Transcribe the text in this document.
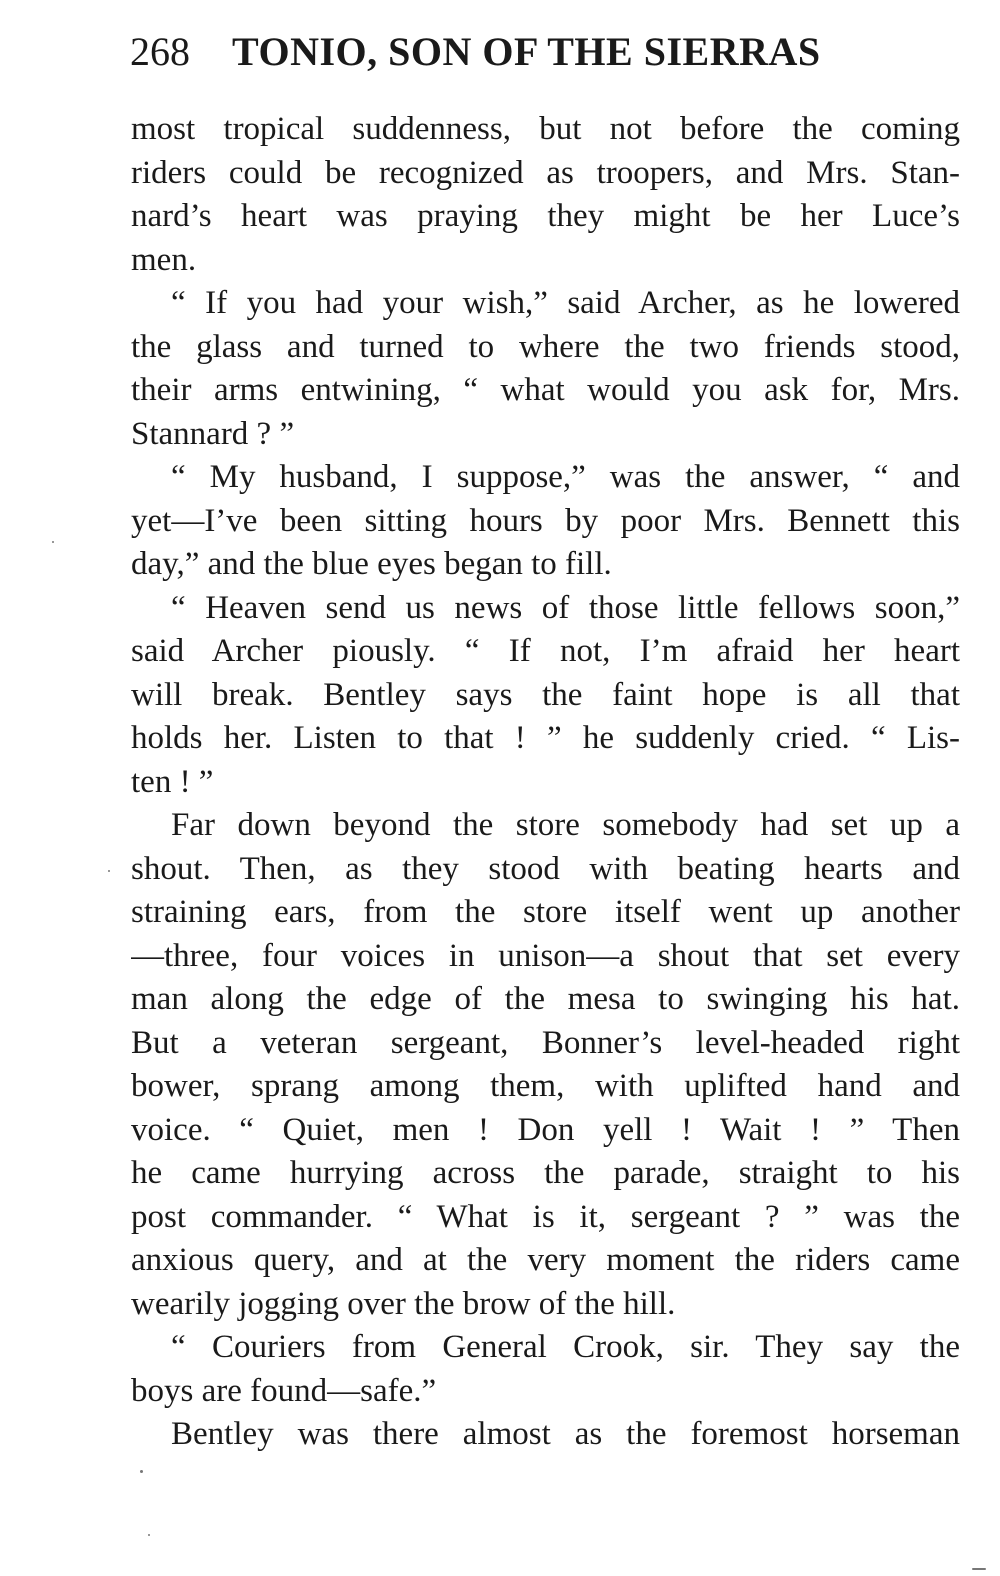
268 TONIO, SON OF THE SIERRAS
most tropical suddenness, but not before the coming
riders could be recognized as troopers, and Mrs. Stan-
nard’s heart was praying they might be her Luce’s
men.
“ If you had your wish,” said Archer, as he lowered
the glass and turned to where the two friends stood,
their arms entwining, “ what would you ask for, Mrs.
Stannard ? ”
“ My husband, I suppose,” was the answer, “ and
yet—I’ve been sitting hours by poor Mrs. Bennett this
day,” and the blue eyes began to fill.
“ Heaven send us news of those little fellows soon,”
said Archer piously. “ If not, I’m afraid her heart
will break. Bentley says the faint hope is all that
holds her. Listen to that ! ” he suddenly cried. “ Lis-
ten ! ”
Far down beyond the store somebody had set up a
shout. Then, as they stood with beating hearts and
straining ears, from the store itself went up another
—three, four voices in unison—a shout that set every
man along the edge of the mesa to swinging his hat.
But a veteran sergeant, Bonner’s level-headed right
bower, sprang among them, with uplifted hand and
voice. “ Quiet, men ! Don yell ! Wait ! ” Then
he came hurrying across the parade, straight to his
post commander. “ What is it, sergeant ? ” was the
anxious query, and at the very moment the riders came
wearily jogging over the brow of the hill.
“ Couriers from General Crook, sir. They say the
boys are found—safe.”
Bentley was there almost as the foremost horseman
